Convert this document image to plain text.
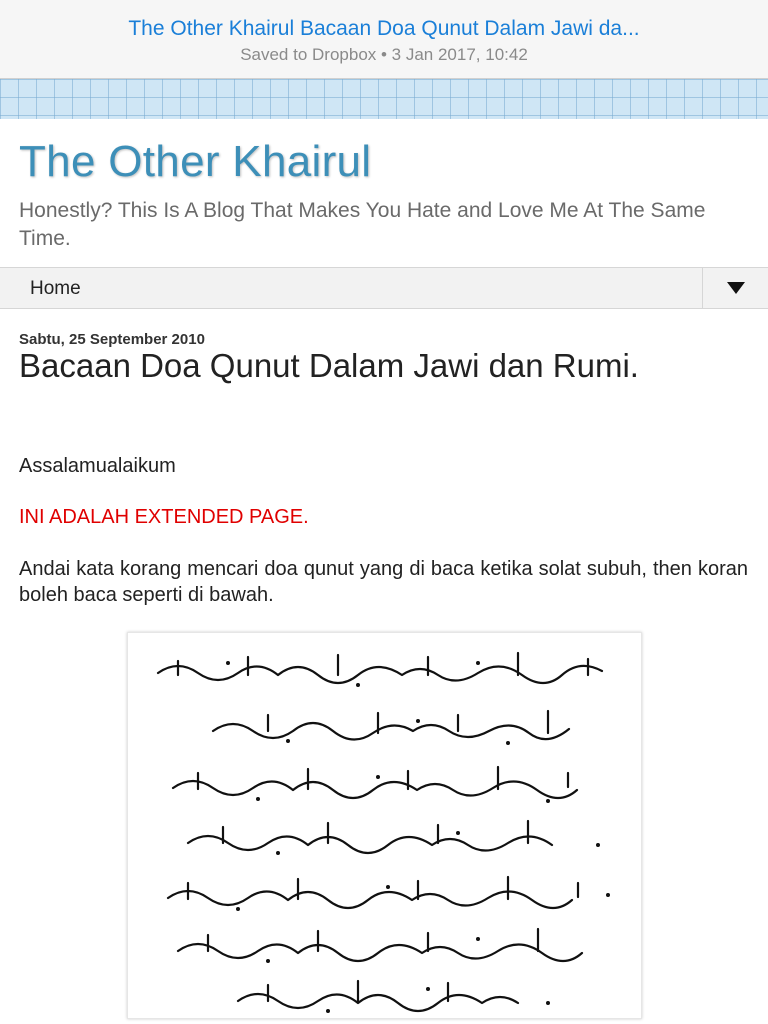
The Other Khairul Bacaan Doa Qunut Dalam Jawi da...
Saved to Dropbox • 3 Jan 2017, 10:42
The Other Khairul
Honestly? This Is A Blog That Makes You Hate and Love Me At The Same Time.
Home
Sabtu, 25 September 2010
Bacaan Doa Qunut Dalam Jawi dan Rumi.
Assalamualaikum
INI ADALAH EXTENDED PAGE.
Andai kata korang mencari doa qunut yang di baca ketika solat subuh, then koran boleh baca seperti di bawah.
